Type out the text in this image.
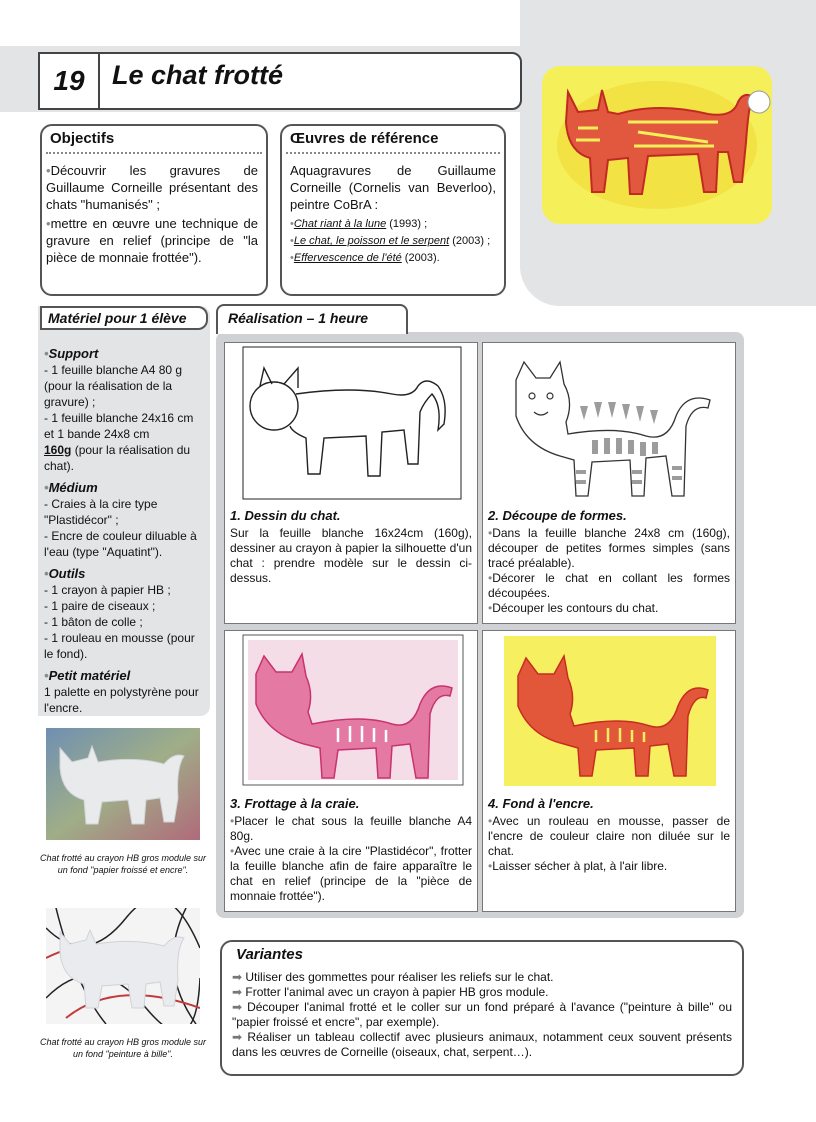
19	Le chat frotté
Objectifs
•Découvrir les gravures de Guillaume Corneille présentant des chats "humanisés" ;
•mettre en œuvre une technique de gravure en relief (principe de "la pièce de monnaie frottée").
Œuvres de référence
Aquagravures de Guillaume Corneille (Cornelis van Beverloo), peintre CoBrA :
•Chat riant à la lune (1993) ;
•Le chat, le poisson et le serpent (2003) ;
•Effervescence de l'été (2003).
Matériel pour 1 élève
•Support
- 1 feuille blanche A4 80 g (pour la réalisation de la gravure) ;
- 1 feuille blanche 24x16 cm et 1 bande 24x8 cm
160g (pour la réalisation du chat).
•Médium
- Craies à la cire type "Plastidécor" ;
- Encre de couleur diluable à l'eau (type "Aquatint").
•Outils
- 1 crayon à papier HB ;
- 1 paire de ciseaux ;
- 1 bâton de colle ;
- 1 rouleau en mousse (pour le fond).
•Petit matériel
1 palette en polystyrène pour l'encre.
Chat frotté au crayon HB gros module sur un fond "papier froissé et encre".
Chat frotté au crayon HB gros module sur un fond "peinture à bille".
Réalisation – 1 heure
1. Dessin du chat.
Sur la feuille blanche 16x24cm (160g), dessiner au crayon à papier la silhouette d'un chat : prendre modèle sur le dessin ci-dessus.
2. Découpe de formes.
•Dans la feuille blanche 24x8 cm (160g), découper de petites formes simples (sans tracé préalable).
•Décorer le chat en collant les formes découpées.
•Découper les contours du chat.
3. Frottage à la craie.
•Placer le chat sous la feuille blanche A4 80g.
•Avec une craie à la cire "Plastidécor", frotter la feuille blanche afin de faire apparaître le chat en relief (principe de la "pièce de monnaie frottée").
4. Fond à l'encre.
•Avec un rouleau en mousse, passer de l'encre de couleur claire non diluée sur le chat.
•Laisser sécher à plat, à l'air libre.
Variantes
➡ Utiliser des gommettes pour réaliser les reliefs sur le chat.
➡ Frotter l'animal avec un crayon à papier HB gros module.
➡ Découper l'animal frotté et le coller sur un fond préparé à l'avance ("peinture à bille" ou "papier froissé et encre", par exemple).
➡ Réaliser un tableau collectif avec plusieurs animaux, notamment ceux souvent présents dans les œuvres de Corneille (oiseaux, chat, serpent…).
